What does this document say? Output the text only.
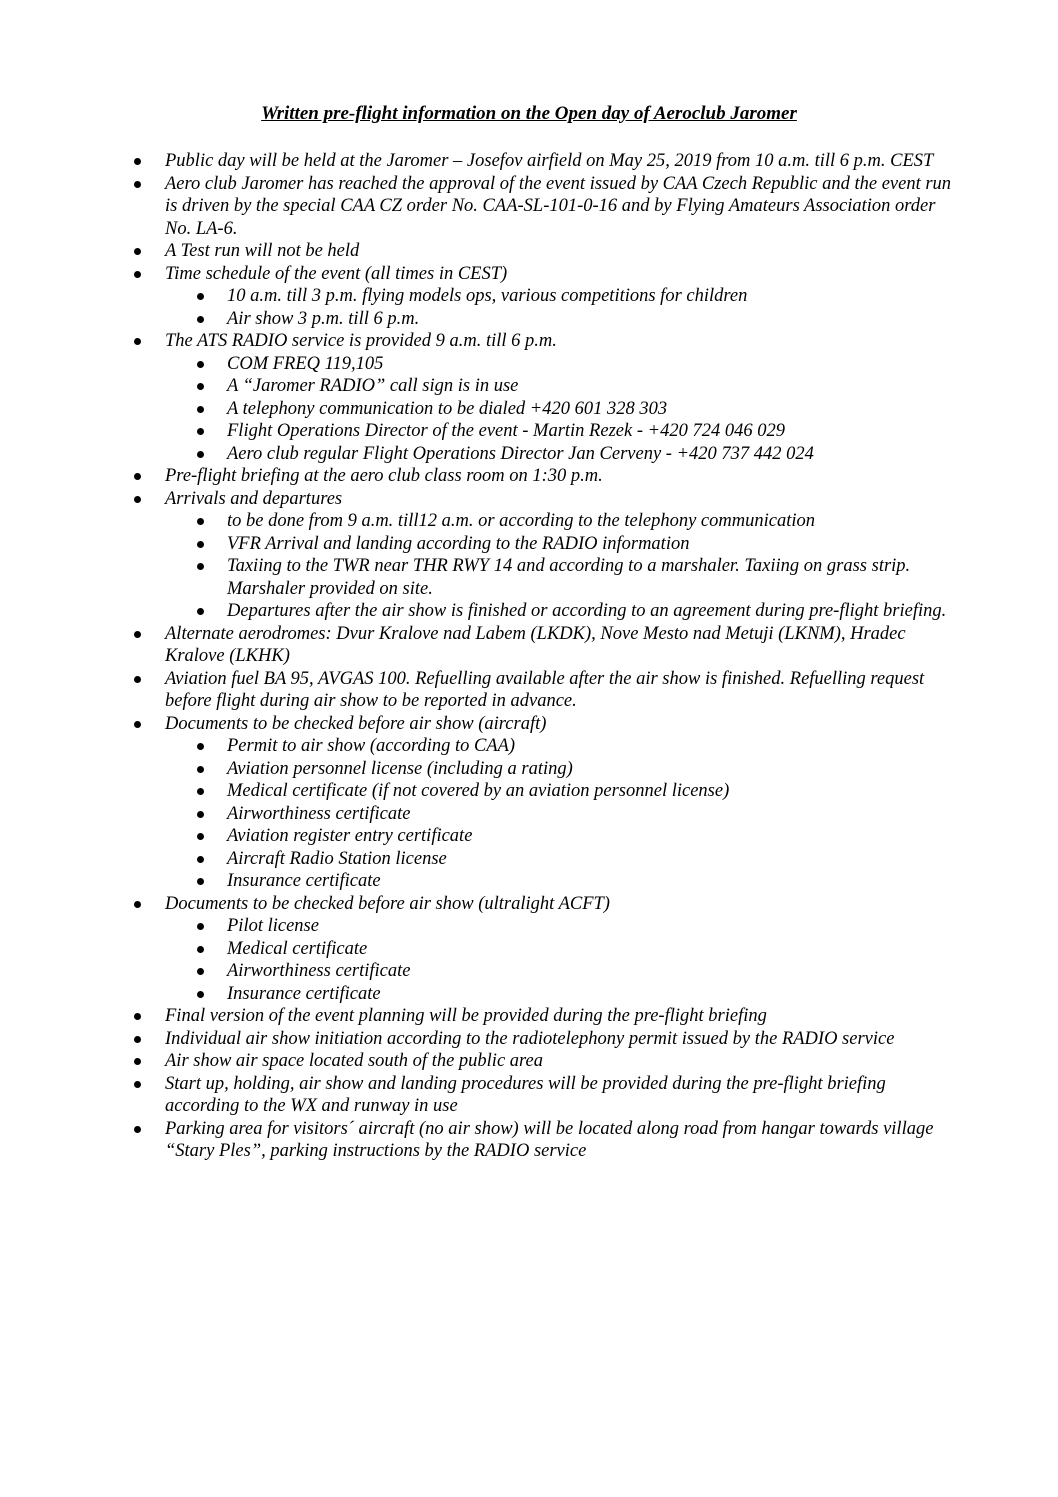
Written pre-flight information on the Open day of Aeroclub Jaromer
Public day will be held at the Jaromer – Josefov airfield on May 25, 2019 from 10 a.m. till 6 p.m. CEST
Aero club Jaromer has reached the approval of the event issued by CAA Czech Republic and the event run is driven by the special CAA CZ order No. CAA-SL-101-0-16 and by Flying Amateurs Association order No. LA-6.
A Test run will not be held
Time schedule of the event (all times in CEST)
10 a.m. till 3 p.m. flying models ops, various competitions for children
Air show 3 p.m. till 6 p.m.
The ATS RADIO service is provided 9 a.m. till 6 p.m.
COM FREQ 119,105
A “Jaromer RADIO” call sign is in use
A telephony communication to be dialed +420 601 328 303
Flight Operations Director of the event - Martin Rezek - +420 724 046 029
Aero club regular Flight Operations Director Jan Cerveny - +420 737 442 024
Pre-flight briefing at the aero club class room on 1:30 p.m.
Arrivals and departures
to be done from 9 a.m. till12 a.m. or according to the telephony communication
VFR Arrival and landing according to the RADIO information
Taxiing to the TWR near THR RWY 14 and according to a marshaler. Taxiing on grass strip. Marshaler provided on site.
Departures after the air show is finished or according to an agreement during pre-flight briefing.
Alternate aerodromes: Dvur Kralove nad Labem (LKDK), Nove Mesto nad Metuji (LKNM), Hradec Kralove (LKHK)
Aviation fuel BA 95, AVGAS 100. Refuelling available after the air show is finished. Refuelling request before flight during air show to be reported in advance.
Documents to be checked before air show (aircraft)
Permit to air show (according to CAA)
Aviation personnel license (including a rating)
Medical certificate (if not covered by an aviation personnel license)
Airworthiness certificate
Aviation register entry certificate
Aircraft Radio Station license
Insurance certificate
Documents to be checked before air show (ultralight ACFT)
Pilot license
Medical certificate
Airworthiness certificate
Insurance certificate
Final version of the event planning will be provided during the pre-flight briefing
Individual air show initiation according to the radiotelephony permit issued by the RADIO service
Air show air space located south of the public area
Start up, holding, air show and landing procedures will be provided during the pre-flight briefing according to the WX and runway in use
Parking area for visitors´ aircraft (no air show) will be located along road from hangar towards village “Stary Ples”, parking instructions by the RADIO service
